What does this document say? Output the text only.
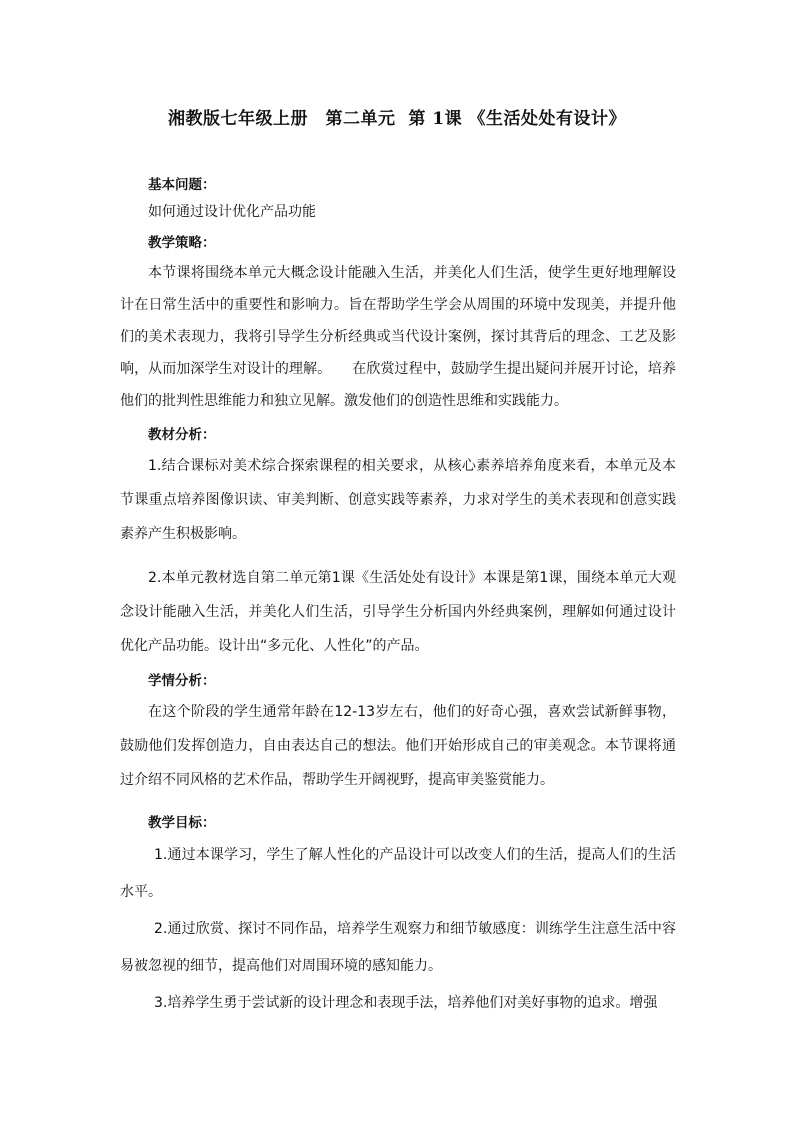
湘教版七年级上册　第二单元  第 1课 《生活处处有设计》
基本问题：

如何通过设计优化产品功能

教学策略：

本节课将围绕本单元大概念设计能融入生活，并美化人们生活，使学生更好地理解设计在日常生活中的重要性和影响力。旨在帮助学生学会从周围的环境中发现美，并提升他们的美术表现力，我将引导学生分析经典或当代设计案例，探讨其背后的理念、工艺及影响，从而加深学生对设计的理解。　　在欣赏过程中，鼓励学生提出疑问并展开讨论，培养他们的批判性思维能力和独立见解。激发他们的创造性思维和实践能力。

教材分析：

1.结合课标对美术综合探索课程的相关要求，从核心素养培养角度来看，本单元及本节课重点培养图像识读、审美判断、创意实践等素养，力求对学生的美术表现和创意实践素养产生积极影响。

2.本单元教材选自第二单元第1课《生活处处有设计》本课是第1课，围绕本单元大观念设计能融入生活，并美化人们生活，引导学生分析国内外经典案例，理解如何通过设计优化产品功能。设计出“多元化、人性化”的产品。

学情分析：

在这个阶段的学生通常年龄在12-13岁左右，他们的好奇心强，喜欢尝试新鲜事物，鼓励他们发挥创造力，自由表达自己的想法。他们开始形成自己的审美观念。本节课将通过介绍不同风格的艺术作品，帮助学生开阔视野，提高审美鉴赏能力。

教学目标：

1.通过本课学习，学生了解人性化的产品设计可以改变人们的生活，提高人们的生活水平。

2.通过欣赏、探讨不同作品，培养学生观察力和细节敏感度：训练学生注意生活中容易被忽视的细节，提高他们对周围环境的感知能力。

3.培养学生勇于尝试新的设计理念和表现手法，培养他们对美好事物的追求。增强
